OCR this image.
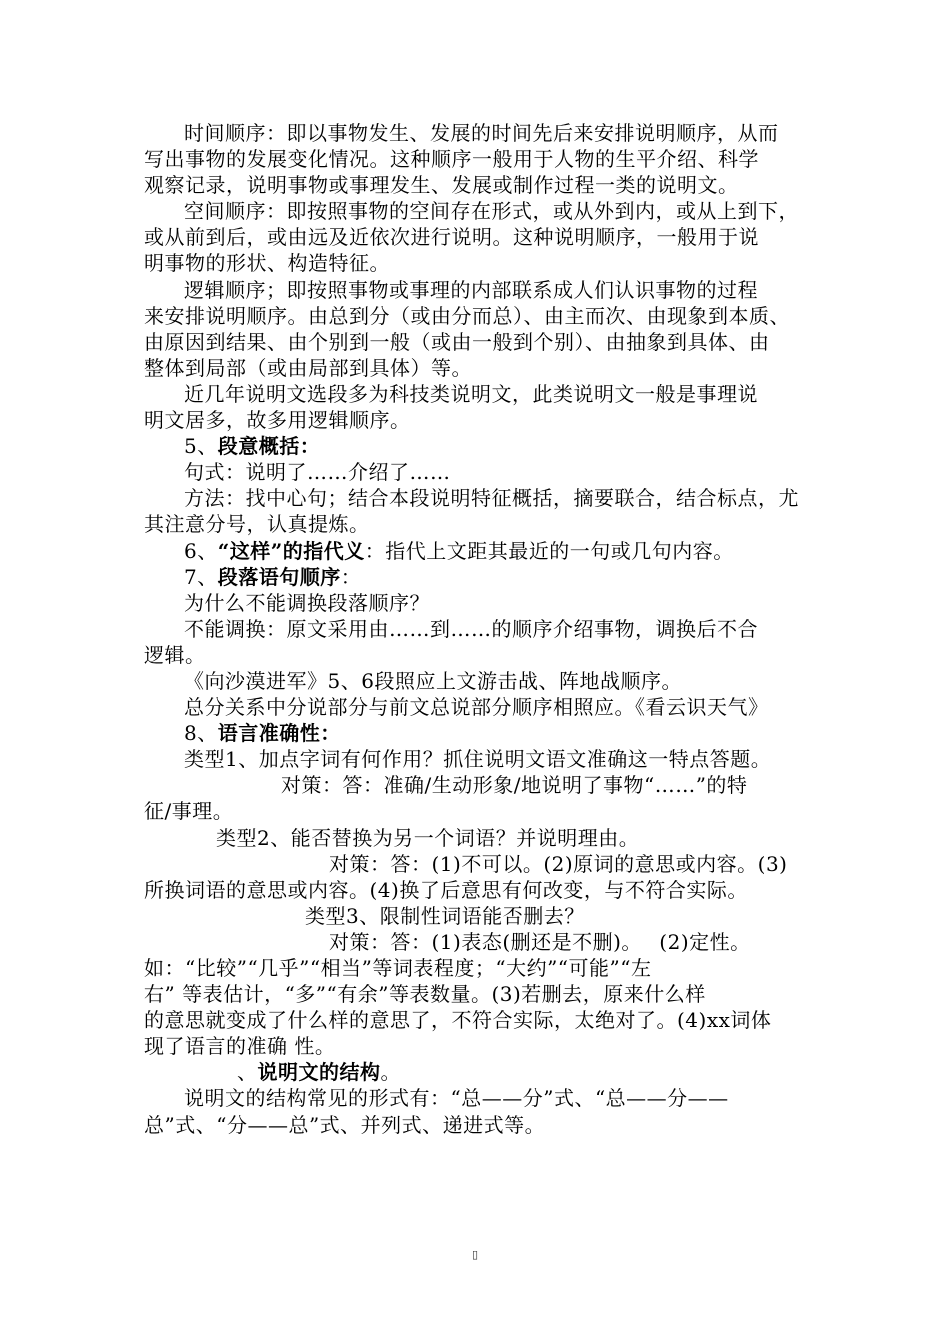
时间顺序：即以事物发生、发展的时间先后来安排说明顺序，从而
写出事物的发展变化情况。这种顺序一般用于人物的生平介绍、科学
观察记录，说明事物或事理发生、发展或制作过程一类的说明文。
空间顺序：即按照事物的空间存在形式，或从外到内，或从上到下，
或从前到后，或由远及近依次进行说明。这种说明顺序，一般用于说
明事物的形状、构造特征。
逻辑顺序；即按照事物或事理的内部联系成人们认识事物的过程
来安排说明顺序。由总到分（或由分而总）、由主而次、由现象到本质、
由原因到结果、由个别到一般（或由一般到个别）、由抽象到具体、由
整体到局部（或由局部到具体）等。
近几年说明文选段多为科技类说明文，此类说明文一般是事理说
明文居多，故多用逻辑顺序。
5、段意概括：
句式：说明了……介绍了……
方法：找中心句；结合本段说明特征概括，摘要联合，结合标点，尤
其注意分号，认真提炼。
6、“这样”的指代义：指代上文距其最近的一句或几句内容。
7、段落语句顺序：
为什么不能调换段落顺序？
不能调换：原文采用由……到……的顺序介绍事物，调换后不合
逻辑。
《向沙漠进军》5、6段照应上文游击战、阵地战顺序。
总分关系中分说部分与前文总说部分顺序相照应。《看云识天气》
8、语言准确性：
类型1、加点字词有何作用？抓住说明文语文准确这一特点答题。
对策：答：准确/生动形象/地说明了事物“……”的特
征/事理。
类型2、能否替换为另一个词语？并说明理由。
对策：答：(1)不可以。(2)原词的意思或内容。(3)
所换词语的意思或内容。(4)换了后意思有何改变，与不符合实际。
类型3、限制性词语能否删去？
对策：答：(1)表态(删还是不删)。　 (2)定性。
如：“比较”“几乎”“相当”等词表程度；“大约”“可能”“左
右” 等表估计，“多”“有余”等表数量。(3)若删去，原来什么样
的意思就变成了什么样的意思了，不符合实际，太绝对了。(4)xx词体
现了语言的准确 性。
、说明文的结构。
说明文的结构常见的形式有：“总——分”式、“总——分——
总”式、“分——总”式、并列式、递进式等。
▯
